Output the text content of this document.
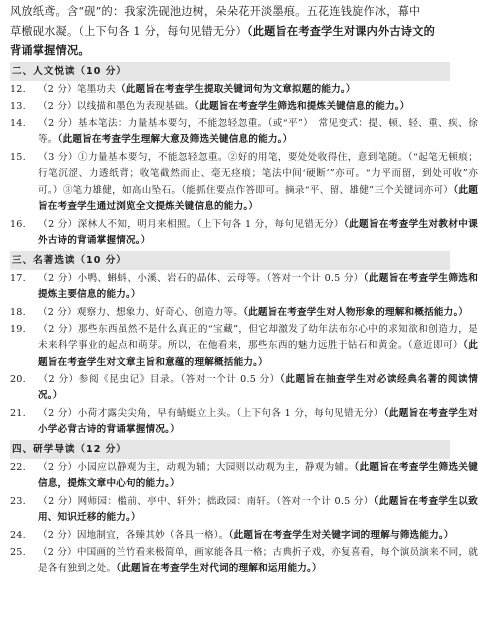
风放纸鸢。含“砚”的：我家洗砚池边树，朵朵花开淡墨痕。五花连钱旋作冰，幕中
草檄砚水凝。（上下句各 1 分，每句见错无分）（此题旨在考查学生对课内外古诗文的
背诵掌握情况。
二、人文悦读（10 分）
12. （2 分）笔墨功夫（此题旨在考查学生提取关键词句为文章拟题的能力。）
13. （2 分）以线描和墨色为表现基础。（此题旨在考查学生筛选和提炼关键信息的能力。）
14. （2 分）基本笔法：力量基本要匀，不能忽轻忽重。（或“平”）　常见变式：提、顿、轻、重、疾、徐等。（此题旨在考查学生理解大意及筛选关键信息的能力。）
15. （3 分）①力量基本要匀，不能忽轻忽重。②好的用笔，要处处收得住，意到笔随。（“起笔无顿痕；行笔沉涩、力透纸背；收笔截然而止、毫无痉痕；笔法中间‘硬断’”亦可。“力平而留，到处可收”亦可。）③笔力雄健，如高山坠石。（能抓住要点作答即可。摘录“平、留、雄健”三个关键词亦可）（此题旨在考查学生通过浏览全文提炼关键信息的能力。）
16. （2 分）深林人不知，明月来相照。（上下句各 1 分，每句见错无分）（此题旨在考查学生对教材中课外古诗的背诵掌握情况。）
三、名著选读（10 分）
17. （2 分）小鸭、蝌蚪、小溪、岩石的晶体、云母等。（答对一个计 0.5 分）（此题旨在考查学生筛选和提炼主要信息的能力。）
18. （2 分）观察力、想象力、好奇心、创造力等。（此题旨在考查学生对人物形象的理解和概括能力。）
19. （2 分）那些东西虽然不是什么真正的“宝藏”，但它却激发了幼年法布尔心中的求知欲和创造力，是未来科学事业的起点和萌芽。所以，在他看来，那些东西的魅力远胜于钻石和黄金。（意近即可）（此题旨在考查学生对文章主旨和意蕴的理解概括能力。）
20. （2 分）参阅《昆虫记》目录。（答对一个计 0.5 分）（此题旨在抽查学生对必读经典名著的阅读情况。）
21. （2 分）小荷才露尖尖角，早有蜻蜓立上头。（上下句各 1 分，每句见错无分）（此题旨在考查学生对小学必背古诗的背诵掌握情况。）
四、研学导读（12 分）
22. （2 分）小园应以静观为主，动观为辅；大园则以动观为主，静观为辅。（此题旨在考查学生筛选关键信息，提炼文章中心句的能力。）
23. （2 分）网师园：槛前、亭中、轩外；拙政园：南轩。（答对一个计 0.5 分）（此题旨在考查学生以致用、知识迁移的能力。）
24. （2 分）因地制宜，各臻其妙（各具一格）。（此题旨在考查学生对关键字词的理解与筛选能力。）
25. （2 分）中国画的兰竹看来极简单，画家能各具一格；古典折子戏，亦复喜看，每个演员演来不同，就是各有独到之处。（此题旨在考查学生对代词的理解和运用能力。）
